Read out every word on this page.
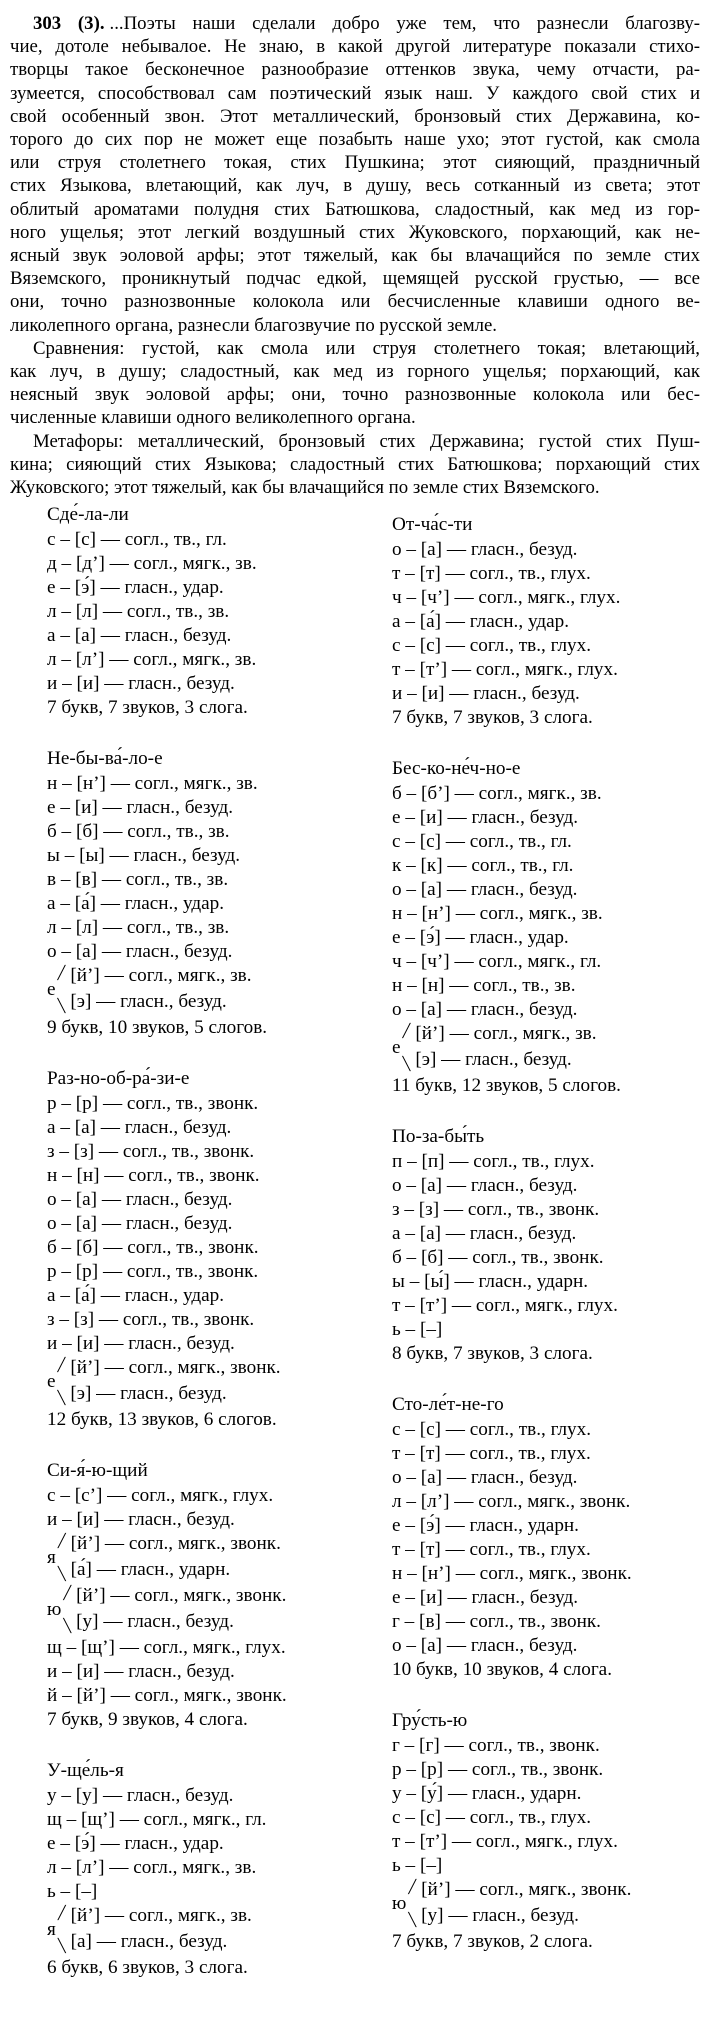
303 (3). ...Поэты наши сделали добро уже тем, что разнесли благозву-
чие, дотоле небывалое. Не знаю, в какой другой литературе показали стихо-
творцы такое бесконечное разнообразие оттенков звука, чему отчасти, ра-
зумеется, способствовал сам поэтический язык наш. У каждого свой стих и
свой особенный звон. Этот металлический, бронзовый стих Державина, ко-
торого до сих пор не может еще позабыть наше ухо; этот густой, как смола
или струя столетнего токая, стих Пушкина; этот сияющий, праздничный
стих Языкова, влетающий, как луч, в душу, весь сотканный из света; этот
облитый ароматами полудня стих Батюшкова, сладостный, как мед из гор-
ного ущелья; этот легкий воздушный стих Жуковского, порхающий, как не-
ясный звук эоловой арфы; этот тяжелый, как бы влачащийся по земле стих
Вяземского, проникнутый подчас едкой, щемящей русской грустью, — все
они, точно разнозвонные колокола или бесчисленные клавиши одного ве-
ликолепного органа, разнесли благозвучие по русской земле.
Сравнения: густой, как смола или струя столетнего токая; влетающий,
как луч, в душу; сладостный, как мед из горного ущелья; порхающий, как
неясный звук эоловой арфы; они, точно разнозвонные колокола или бес-
численные клавиши одного великолепного органа.
Метафоры: металлический, бронзовый стих Державина; густой стих Пуш-
кина; сияющий стих Языкова; сладостный стих Батюшкова; порхающий стих
Жуковского; этот тяжелый, как бы влачащийся по земле стих Вяземского.
Сде́-ла-ли
с – [с] — согл., тв., гл.
д – [д’] — согл., мягк., зв.
е – [э́] — гласн., удар.
л – [л] — согл., тв., зв.
а – [а] — гласн., безуд.
л – [л’] — согл., мягк., зв.
и – [и] — гласн., безуд.
7 букв, 7 звуков, 3 слога.
Не-бы-ва́-ло-е
н – [н’] — согл., мягк., зв.
е – [и] — гласн., безуд.
б – [б] — согл., тв., зв.
ы – [ы] — гласн., безуд.
в – [в] — согл., тв., зв.
а – [а́] — гласн., удар.
л – [л] — согл., тв., зв.
о – [а] — гласн., безуд.
е
╱ [й’] — согл., мягк., зв.
╲ [э] — гласн., безуд.
9 букв, 10 звуков, 5 слогов.
Раз-но-об-ра́-зи-е
р – [р] — согл., тв., звонк.
а – [а] — гласн., безуд.
з – [з] — согл., тв., звонк.
н – [н] — согл., тв., звонк.
о – [а] — гласн., безуд.
о – [а] — гласн., безуд.
б – [б] — согл., тв., звонк.
р – [р] — согл., тв., звонк.
а – [а́] — гласн., удар.
з – [з] — согл., тв., звонк.
и – [и] — гласн., безуд.
е
╱ [й’] — согл., мягк., звонк.
╲ [э] — гласн., безуд.
12 букв, 13 звуков, 6 слогов.
Си-я́-ю-щий
с – [с’] — согл., мягк., глух.
и – [и] — гласн., безуд.
я
╱ [й’] — согл., мягк., звонк.
╲ [а́] — гласн., ударн.
ю
╱ [й’] — согл., мягк., звонк.
╲ [у] — гласн., безуд.
щ – [щ’] — согл., мягк., глух.
и – [и] — гласн., безуд.
й – [й’] — согл., мягк., звонк.
7 букв, 9 звуков, 4 слога.
У-ще́ль-я
у – [у] — гласн., безуд.
щ – [щ’] — согл., мягк., гл.
е – [э́] — гласн., удар.
л – [л’] — согл., мягк., зв.
ь – [–]
я
╱ [й’] — согл., мягк., зв.
╲ [а] — гласн., безуд.
6 букв, 6 звуков, 3 слога.
От-ча́с-ти
о – [а] — гласн., безуд.
т – [т] — согл., тв., глух.
ч – [ч’] — согл., мягк., глух.
а – [а́] — гласн., удар.
с – [с] — согл., тв., глух.
т – [т’] — согл., мягк., глух.
и – [и] — гласн., безуд.
7 букв, 7 звуков, 3 слога.
Бес-ко-не́ч-но-е
б – [б’] — согл., мягк., зв.
е – [и] — гласн., безуд.
с – [с] — согл., тв., гл.
к – [к] — согл., тв., гл.
о – [а] — гласн., безуд.
н – [н’] — согл., мягк., зв.
е – [э́] — гласн., удар.
ч – [ч’] — согл., мягк., гл.
н – [н] — согл., тв., зв.
о – [а] — гласн., безуд.
е
╱ [й’] — согл., мягк., зв.
╲ [э] — гласн., безуд.
11 букв, 12 звуков, 5 слогов.
По-за-бы́ть
п – [п] — согл., тв., глух.
о – [а] — гласн., безуд.
з – [з] — согл., тв., звонк.
а – [а] — гласн., безуд.
б – [б] — согл., тв., звонк.
ы – [ы́] — гласн., ударн.
т – [т’] — согл., мягк., глух.
ь – [–]
8 букв, 7 звуков, 3 слога.
Сто-ле́т-не-го
с – [с] — согл., тв., глух.
т – [т] — согл., тв., глух.
о – [а] — гласн., безуд.
л – [л’] — согл., мягк., звонк.
е – [э́] — гласн., ударн.
т – [т] — согл., тв., глух.
н – [н’] — согл., мягк., звонк.
е – [и] — гласн., безуд.
г – [в] — согл., тв., звонк.
о – [а] — гласн., безуд.
10 букв, 10 звуков, 4 слога.
Гру́сть-ю
г – [г] — согл., тв., звонк.
р – [р] — согл., тв., звонк.
у – [у́] — гласн., ударн.
с – [с] — согл., тв., глух.
т – [т’] — согл., мягк., глух.
ь – [–]
ю
╱ [й’] — согл., мягк., звонк.
╲ [у] — гласн., безуд.
7 букв, 7 звуков, 2 слога.
